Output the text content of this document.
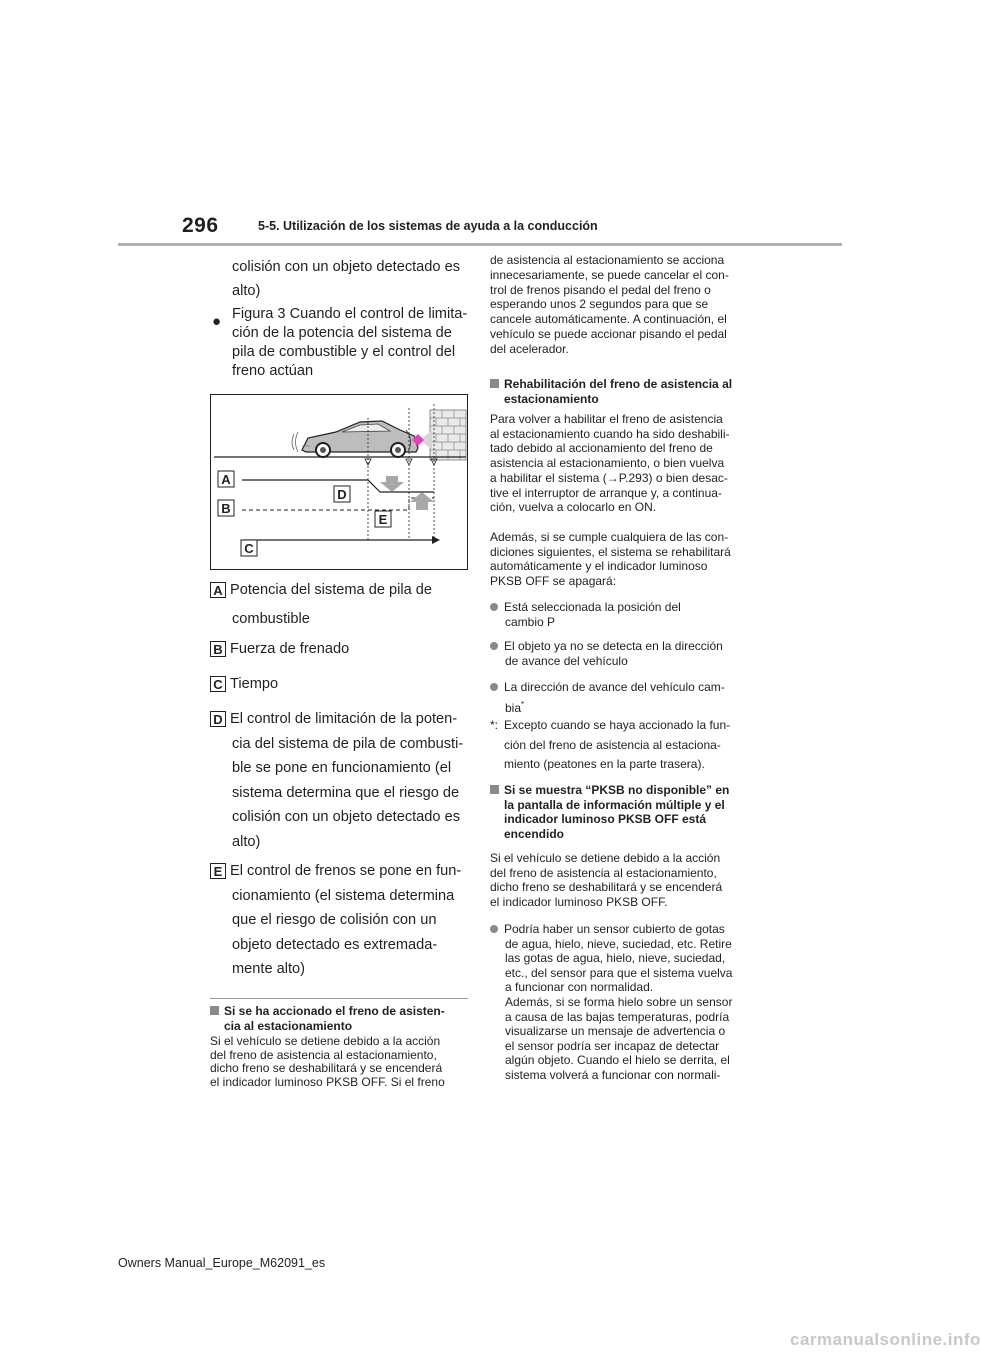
296	5-5. Utilización de los sistemas de ayuda a la conducción

colisión con un objeto detectado es

alto)

● Figura 3 Cuando el control de limita-

ción de la potencia del sistema de

pila de combustible y el control del

freno actúan

A
B
C
D
E

A Potencia del sistema de pila de

combustible

B Fuerza de frenado

C Tiempo

D El control de limitación de la poten-

cia del sistema de pila de combusti-

ble se pone en funcionamiento (el

sistema determina que el riesgo de

colisión con un objeto detectado es

alto)

E El control de frenos se pone en fun-

cionamiento (el sistema determina

que el riesgo de colisión con un

objeto detectado es extremada-

mente alto)

Si se ha accionado el freno de asisten-

cia al estacionamiento

Si el vehículo se detiene debido a la acción

del freno de asistencia al estacionamiento,

dicho freno se deshabilitará y se encenderá

el indicador luminoso PKSB OFF. Si el freno

de asistencia al estacionamiento se acciona

innecesariamente, se puede cancelar el con-

trol de frenos pisando el pedal del freno o

esperando unos 2 segundos para que se

cancele automáticamente. A continuación, el

vehículo se puede accionar pisando el pedal

del acelerador.

Rehabilitación del freno de asistencia al

estacionamiento

Para volver a habilitar el freno de asistencia

al estacionamiento cuando ha sido deshabili-

tado debido al accionamiento del freno de

asistencia al estacionamiento, o bien vuelva

a habilitar el sistema (→P.293) o bien desac-

tive el interruptor de arranque y, a continua-

ción, vuelva a colocarlo en ON.

Además, si se cumple cualquiera de las con-

diciones siguientes, el sistema se rehabilitará

automáticamente y el indicador luminoso

PKSB OFF se apagará:

Está seleccionada la posición del

cambio P

El objeto ya no se detecta en la dirección

de avance del vehículo

La dirección de avance del vehículo cam-

bia*

*: Excepto cuando se haya accionado la fun-

ción del freno de asistencia al estaciona-

miento (peatones en la parte trasera).

Si se muestra “PKSB no disponible” en

la pantalla de información múltiple y el

indicador luminoso PKSB OFF está

encendido

Si el vehículo se detiene debido a la acción

del freno de asistencia al estacionamiento,

dicho freno se deshabilitará y se encenderá

el indicador luminoso PKSB OFF.

Podría haber un sensor cubierto de gotas

de agua, hielo, nieve, suciedad, etc. Retire

las gotas de agua, hielo, nieve, suciedad,

etc., del sensor para que el sistema vuelva

a funcionar con normalidad.

Además, si se forma hielo sobre un sensor

a causa de las bajas temperaturas, podría

visualizarse un mensaje de advertencia o

el sensor podría ser incapaz de detectar

algún objeto. Cuando el hielo se derrita, el

sistema volverá a funcionar con normali-

Owners Manual_Europe_M62091_es
carmanualsonline.info
